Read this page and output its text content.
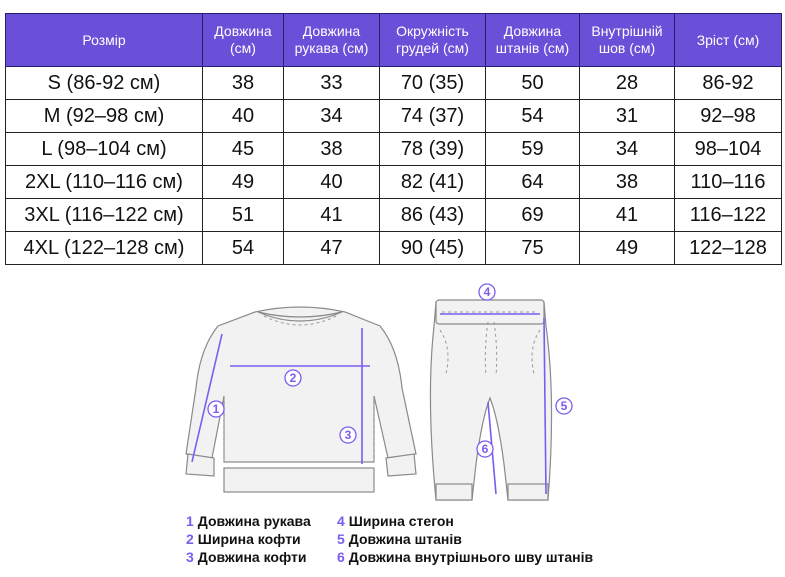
Розмір	Довжина (см)	Довжина рукава (см)	Окружність грудей (см)	Довжина штанів (см)	Внутрішній шов (см)	Зріст (см)
S (86-92 см)	38	33	70 (35)	50	28	86-92
M (92–98 см)	40	34	74 (37)	54	31	92–98
L (98–104 см)	45	38	78 (39)	59	34	98–104
2XL (110–116 см)	49	40	82 (41)	64	38	110–116
3XL (116–122 см)	51	41	86 (43)	69	41	116–122
4XL (122–128 см)	54	47	90 (45)	75	49	122–128
1
2
3
4
5
6
1 Довжина рукава
2 Ширина кофти
3 Довжина кофти
4 Ширина стегон
5 Довжина штанів
6 Довжина внутрішнього шву штанів
